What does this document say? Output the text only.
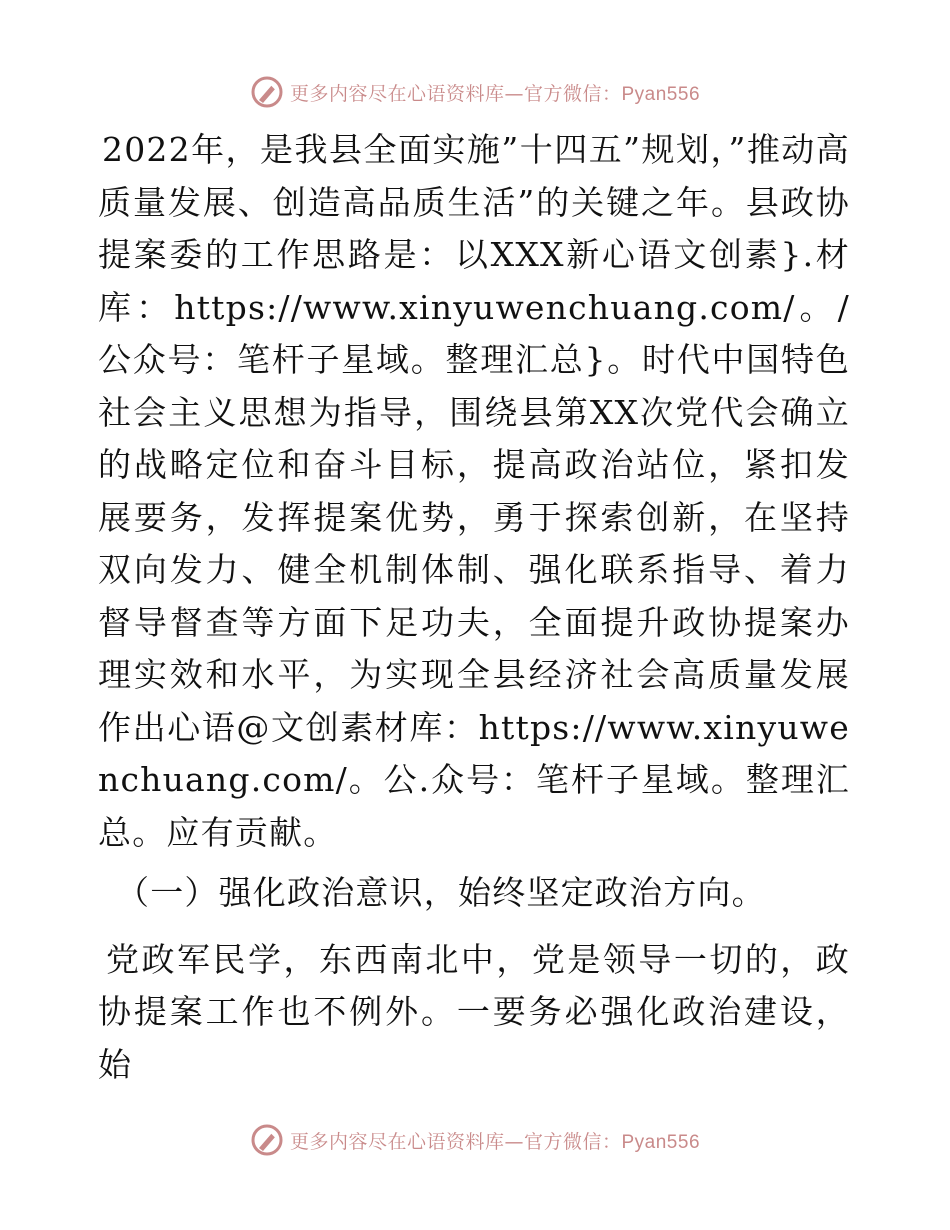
更多内容尽在心语资料库—官方微信：Pyan556

2022年，是我县全面实施”十四五”规划，”推动高质量发展、创造高品质生活”的关键之年。县政协提案委的工作思路是：以XXX新心语文创素}.材库：https://www.xinyuwenchuang.com/。/公众号：笔杆子星域。整理汇总}。时代中国特色社会主义思想为指导，围绕县第XX次党代会确立的战略定位和奋斗目标，提高政治站位，紧扣发展要务，发挥提案优势，勇于探索创新，在坚持双向发力、健全机制体制、强化联系指导、着力督导督查等方面下足功夫，全面提升政协提案办理实效和水平，为实现全县经济社会高质量发展作出心语@文创素材库：https://www.xinyuwenchuang.com/。公.众号：笔杆子星域。整理汇总。应有贡献。

（一）强化政治意识，始终坚定政治方向。

党政军民学，东西南北中，党是领导一切的，政协提案工作也不例外。一要务必强化政治建设，始

更多内容尽在心语资料库—官方微信：Pyan556
